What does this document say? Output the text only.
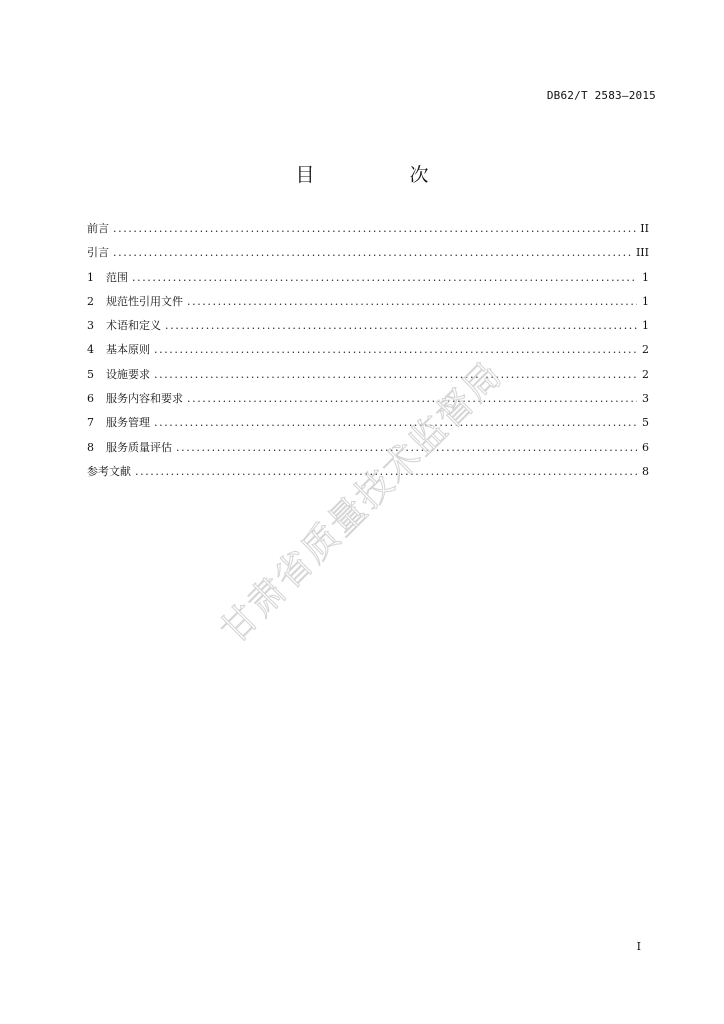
DB62/T 2583—2015
目　次
前言 .....	II
引言 .....	III
1	范围 .....	1
2	规范性引用文件 .....	1
3	术语和定义 .....	1
4	基本原则 .....	2
5	设施要求 .....	2
6	服务内容和要求 .....	3
7	服务管理 .....	5
8	服务质量评估 .....	6
参考文献 .....	8
甘肃省质量技术监督局
I
